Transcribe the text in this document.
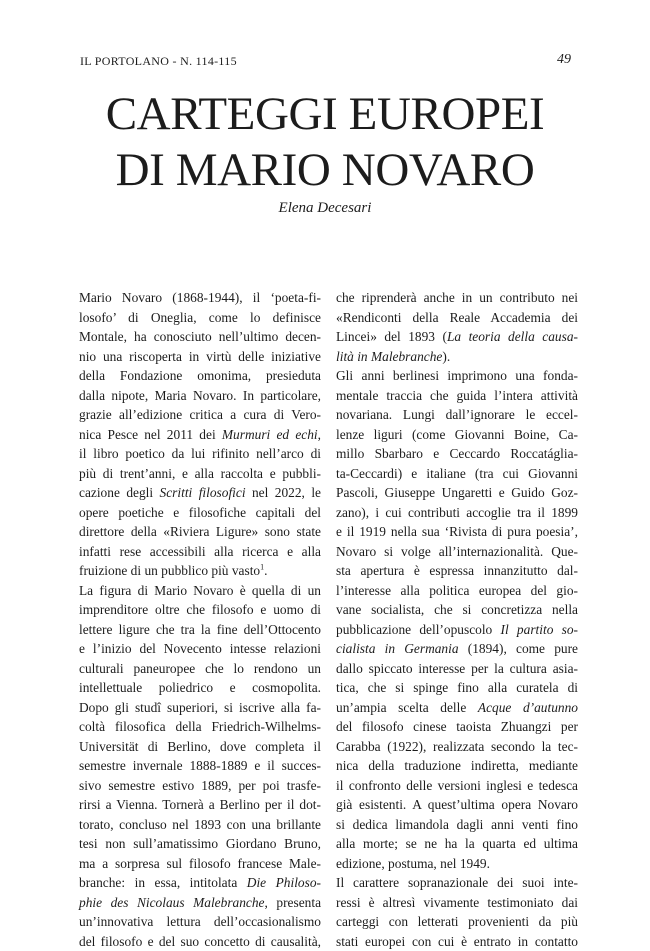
IL PORTOLANO - N. 114-115	49
CARTEGGI EUROPEI
DI MARIO NOVARO
Elena Decesari
Mario Novaro (1868-1944), il ‘poeta-fi-
losofo’ di Oneglia, come lo definisce
Montale, ha conosciuto nell’ultimo decen-
nio una riscoperta in virtù delle iniziative
della Fondazione omonima, presieduta
dalla nipote, Maria Novaro. In particolare,
grazie all’edizione critica a cura di Vero-
nica Pesce nel 2011 dei Murmuri ed echi,
il libro poetico da lui rifinito nell’arco di
più di trent’anni, e alla raccolta e pubbli-
cazione degli Scritti filosofici nel 2022, le
opere poetiche e filosofiche capitali del
direttore della «Riviera Ligure» sono state
infatti rese accessibili alla ricerca e alla
fruizione di un pubblico più vasto$^1$.
La figura di Mario Novaro è quella di un
imprenditore oltre che filosofo e uomo di
lettere ligure che tra la fine dell’Ottocento
e l’inizio del Novecento intesse relazioni
culturali paneuropee che lo rendono un
intellettuale poliedrico e cosmopolita.
Dopo gli studî superiori, si iscrive alla fa-
coltà filosofica della Friedrich-Wilhelms-
Universität di Berlino, dove completa il
semestre invernale 1888-1889 e il succes-
sivo semestre estivo 1889, per poi trasfe-
rirsi a Vienna. Tornerà a Berlino per il dot-
torato, concluso nel 1893 con una brillante
tesi non sull’amatissimo Giordano Bruno,
ma a sorpresa sul filosofo francese Male-
branche: in essa, intitolata Die Philoso-
phie des Nicolaus Malebranche, presenta
un’innovativa lettura dell’occasionalismo
del filosofo e del suo concetto di causalità,
che riprenderà anche in un contributo nei
«Rendiconti della Reale Accademia dei
Lincei» del 1893 (La teoria della causa-
lità in Malebranche).
Gli anni berlinesi imprimono una fonda-
mentale traccia che guida l’intera attività
novariana. Lungi dall’ignorare le eccel-
lenze liguri (come Giovanni Boine, Ca-
millo Sbarbaro e Ceccardo Roccatáglia-
ta-Ceccardi) e italiane (tra cui Giovanni
Pascoli, Giuseppe Ungaretti e Guido Goz-
zano), i cui contributi accoglie tra il 1899
e il 1919 nella sua ‘Rivista di pura poesia’,
Novaro si volge all’internazionalità. Que-
sta apertura è espressa innanzitutto dal-
l’interesse alla politica europea del gio-
vane socialista, che si concretizza nella
pubblicazione dell’opuscolo Il partito so-
cialista in Germania (1894), come pure
dallo spiccato interesse per la cultura asia-
tica, che si spinge fino alla curatela di
un’ampia scelta delle Acque d’autunno
del filosofo cinese taoista Zhuangzi per
Carabba (1922), realizzata secondo la tec-
nica della traduzione indiretta, mediante
il confronto delle versioni inglesi e tedesca
già esistenti. A quest’ultima opera Novaro
si dedica limandola dagli anni venti fino
alla morte; se ne ha la quarta ed ultima
edizione, postuma, nel 1949.
Il carattere sopranazionale dei suoi inte-
ressi è altresì vivamente testimoniato dai
carteggi con letterati provenienti da più
stati europei con cui è entrato in contatto
